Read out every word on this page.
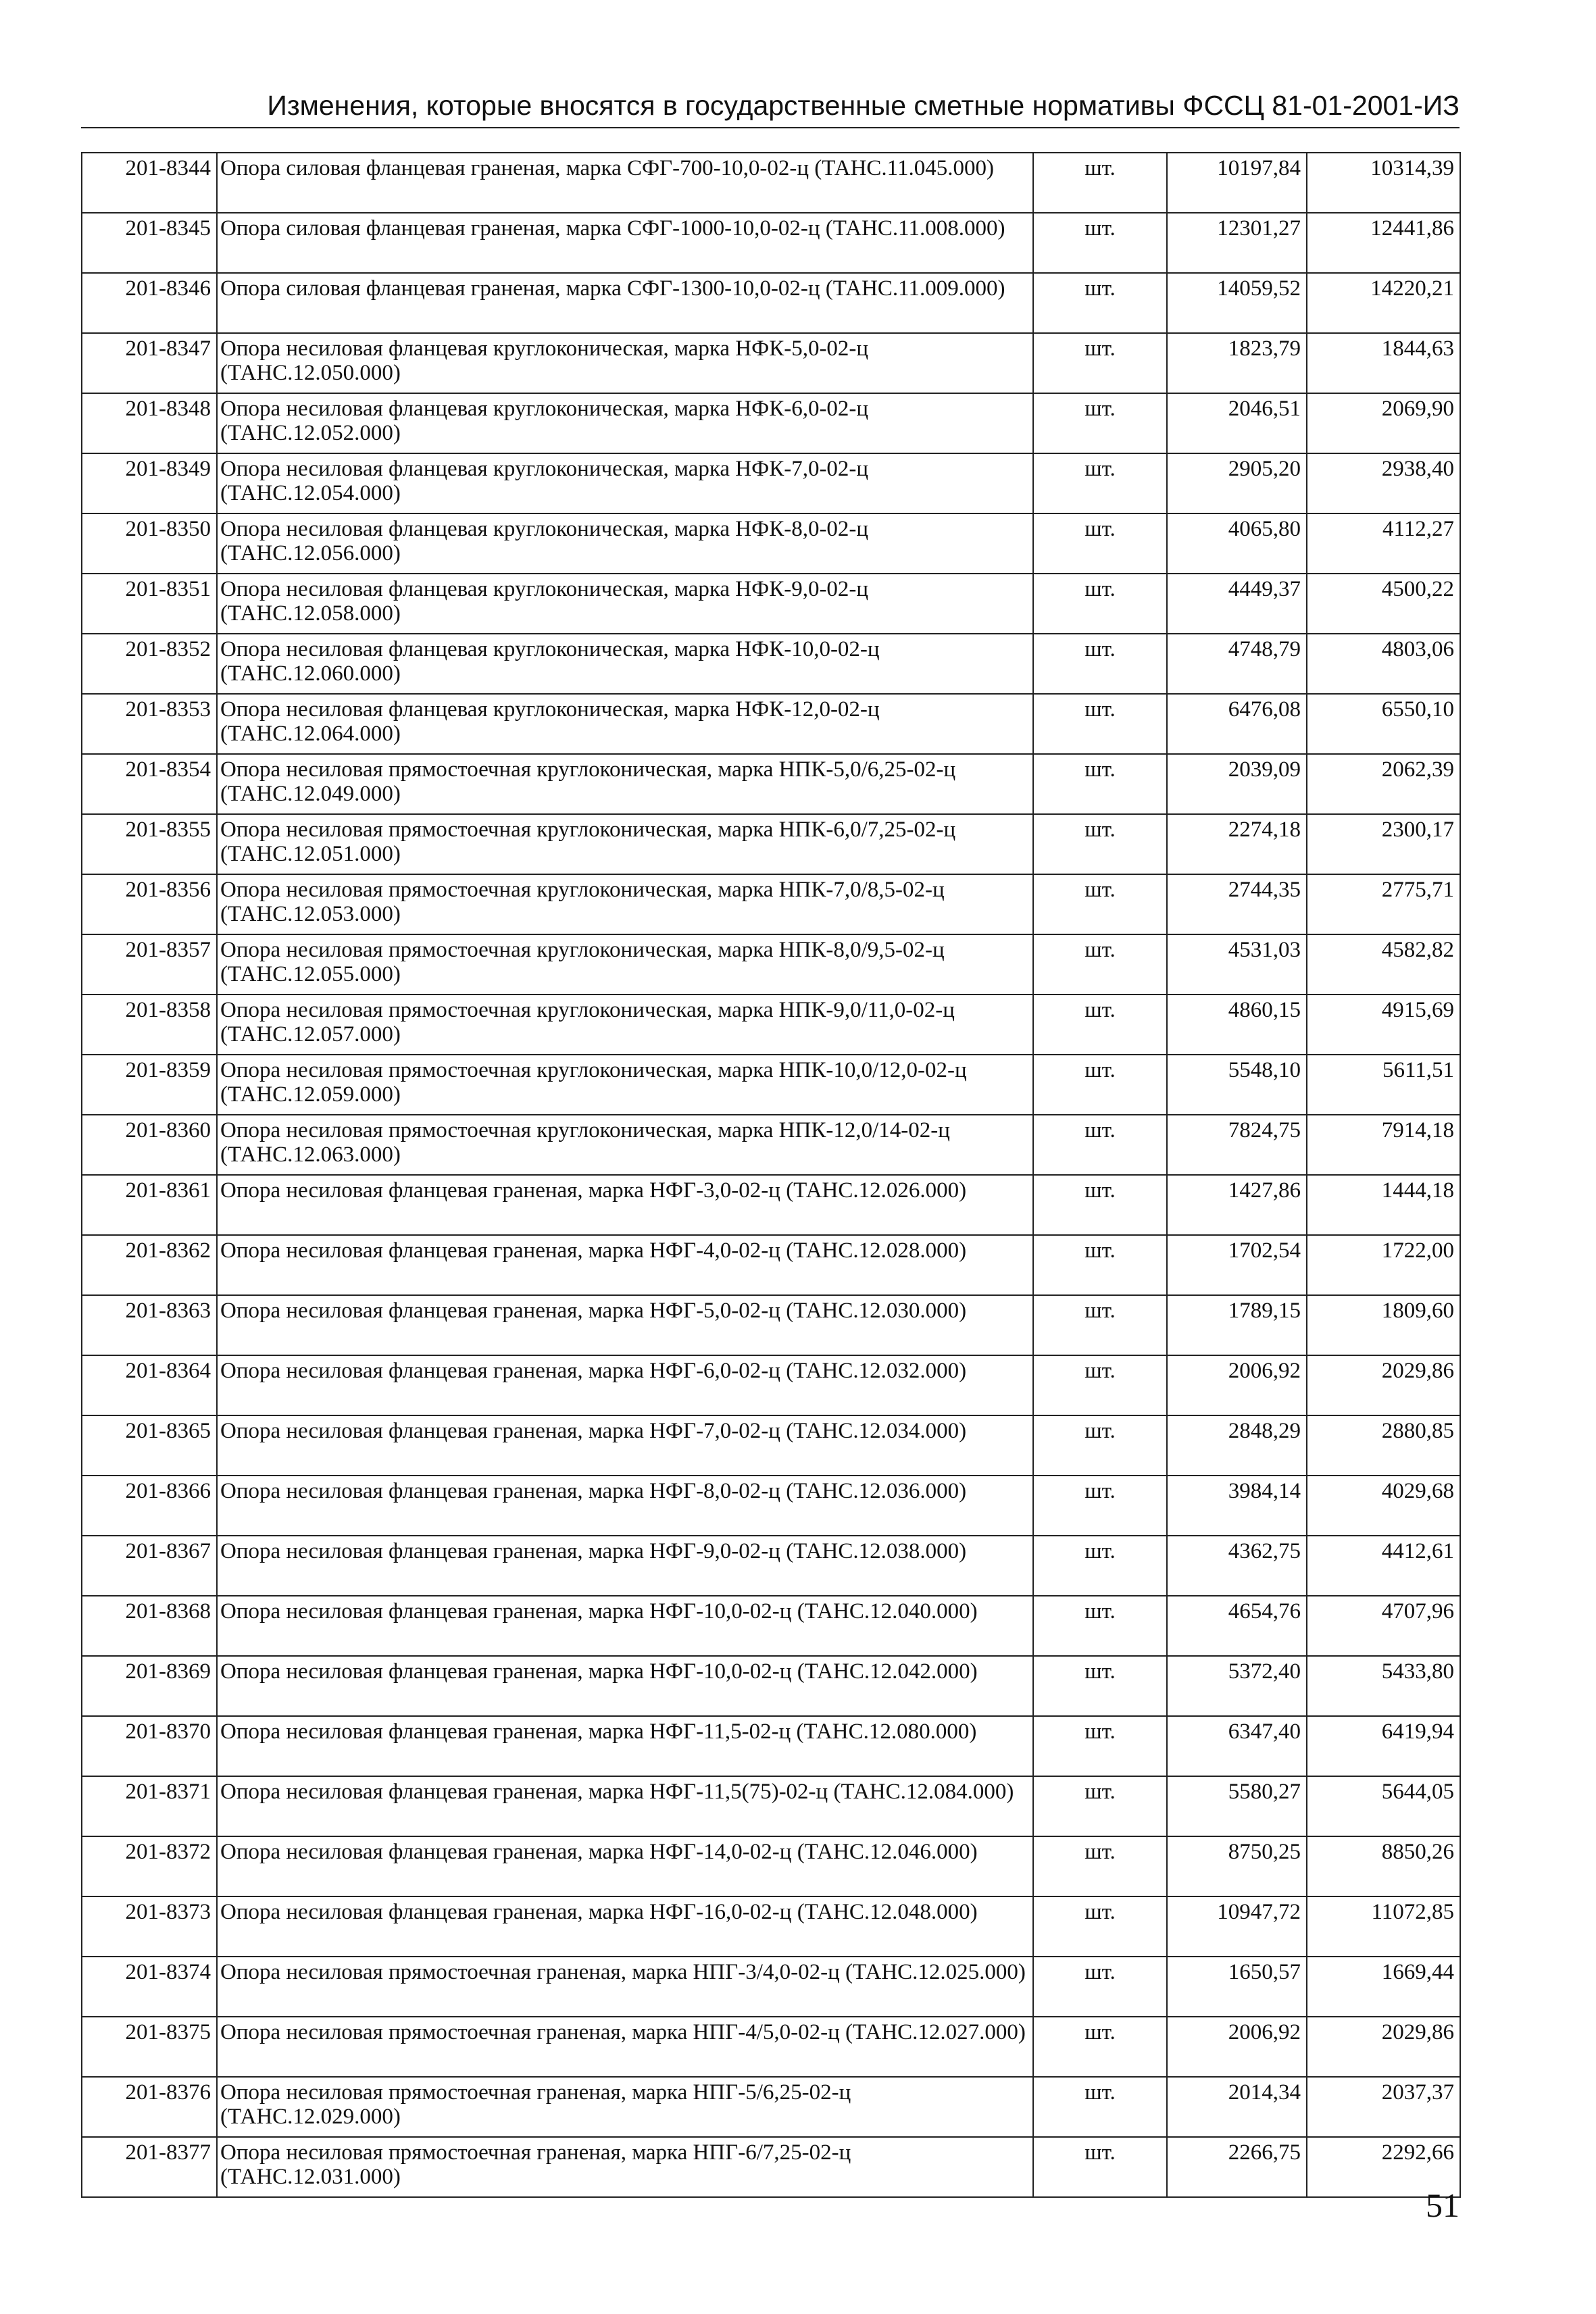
Изменения, которые вносятся в государственные сметные нормативы ФССЦ 81-01-2001-ИЗ
201-8344	Опора силовая фланцевая граненая, марка СФГ-700-10,0-02-ц (ТАНС.11.045.000)	шт.	10197,84	10314,39
201-8345	Опора силовая фланцевая граненая, марка СФГ-1000-10,0-02-ц (ТАНС.11.008.000)	шт.	12301,27	12441,86
201-8346	Опора силовая фланцевая граненая, марка СФГ-1300-10,0-02-ц (ТАНС.11.009.000)	шт.	14059,52	14220,21
201-8347	Опора несиловая фланцевая круглоконическая, марка НФК-5,0-02-ц (ТАНС.12.050.000)	шт.	1823,79	1844,63
201-8348	Опора несиловая фланцевая круглоконическая, марка НФК-6,0-02-ц (ТАНС.12.052.000)	шт.	2046,51	2069,90
201-8349	Опора несиловая фланцевая круглоконическая, марка НФК-7,0-02-ц (ТАНС.12.054.000)	шт.	2905,20	2938,40
201-8350	Опора несиловая фланцевая круглоконическая, марка НФК-8,0-02-ц (ТАНС.12.056.000)	шт.	4065,80	4112,27
201-8351	Опора несиловая фланцевая круглоконическая, марка НФК-9,0-02-ц (ТАНС.12.058.000)	шт.	4449,37	4500,22
201-8352	Опора несиловая фланцевая круглоконическая, марка НФК-10,0-02-ц (ТАНС.12.060.000)	шт.	4748,79	4803,06
201-8353	Опора несиловая фланцевая круглоконическая, марка НФК-12,0-02-ц (ТАНС.12.064.000)	шт.	6476,08	6550,10
201-8354	Опора несиловая прямостоечная круглоконическая, марка НПК-5,0/6,25-02-ц (ТАНС.12.049.000)	шт.	2039,09	2062,39
201-8355	Опора несиловая прямостоечная круглоконическая, марка НПК-6,0/7,25-02-ц (ТАНС.12.051.000)	шт.	2274,18	2300,17
201-8356	Опора несиловая прямостоечная круглоконическая, марка НПК-7,0/8,5-02-ц (ТАНС.12.053.000)	шт.	2744,35	2775,71
201-8357	Опора несиловая прямостоечная круглоконическая, марка НПК-8,0/9,5-02-ц (ТАНС.12.055.000)	шт.	4531,03	4582,82
201-8358	Опора несиловая прямостоечная круглоконическая, марка НПК-9,0/11,0-02-ц (ТАНС.12.057.000)	шт.	4860,15	4915,69
201-8359	Опора несиловая прямостоечная круглоконическая, марка НПК-10,0/12,0-02-ц (ТАНС.12.059.000)	шт.	5548,10	5611,51
201-8360	Опора несиловая прямостоечная круглоконическая, марка НПК-12,0/14-02-ц (ТАНС.12.063.000)	шт.	7824,75	7914,18
201-8361	Опора несиловая фланцевая граненая, марка НФГ-3,0-02-ц (ТАНС.12.026.000)	шт.	1427,86	1444,18
201-8362	Опора несиловая фланцевая граненая, марка НФГ-4,0-02-ц (ТАНС.12.028.000)	шт.	1702,54	1722,00
201-8363	Опора несиловая фланцевая граненая, марка НФГ-5,0-02-ц (ТАНС.12.030.000)	шт.	1789,15	1809,60
201-8364	Опора несиловая фланцевая граненая, марка НФГ-6,0-02-ц (ТАНС.12.032.000)	шт.	2006,92	2029,86
201-8365	Опора несиловая фланцевая граненая, марка НФГ-7,0-02-ц (ТАНС.12.034.000)	шт.	2848,29	2880,85
201-8366	Опора несиловая фланцевая граненая, марка НФГ-8,0-02-ц (ТАНС.12.036.000)	шт.	3984,14	4029,68
201-8367	Опора несиловая фланцевая граненая, марка НФГ-9,0-02-ц (ТАНС.12.038.000)	шт.	4362,75	4412,61
201-8368	Опора несиловая фланцевая граненая, марка НФГ-10,0-02-ц (ТАНС.12.040.000)	шт.	4654,76	4707,96
201-8369	Опора несиловая фланцевая граненая, марка НФГ-10,0-02-ц (ТАНС.12.042.000)	шт.	5372,40	5433,80
201-8370	Опора несиловая фланцевая граненая, марка НФГ-11,5-02-ц (ТАНС.12.080.000)	шт.	6347,40	6419,94
201-8371	Опора несиловая фланцевая граненая, марка НФГ-11,5(75)-02-ц (ТАНС.12.084.000)	шт.	5580,27	5644,05
201-8372	Опора несиловая фланцевая граненая, марка НФГ-14,0-02-ц (ТАНС.12.046.000)	шт.	8750,25	8850,26
201-8373	Опора несиловая фланцевая граненая, марка НФГ-16,0-02-ц (ТАНС.12.048.000)	шт.	10947,72	11072,85
201-8374	Опора несиловая прямостоечная граненая, марка НПГ-3/4,0-02-ц (ТАНС.12.025.000)	шт.	1650,57	1669,44
201-8375	Опора несиловая прямостоечная граненая, марка НПГ-4/5,0-02-ц (ТАНС.12.027.000)	шт.	2006,92	2029,86
201-8376	Опора несиловая прямостоечная граненая, марка НПГ-5/6,25-02-ц (ТАНС.12.029.000)	шт.	2014,34	2037,37
201-8377	Опора несиловая прямостоечная граненая, марка НПГ-6/7,25-02-ц (ТАНС.12.031.000)	шт.	2266,75	2292,66
51
